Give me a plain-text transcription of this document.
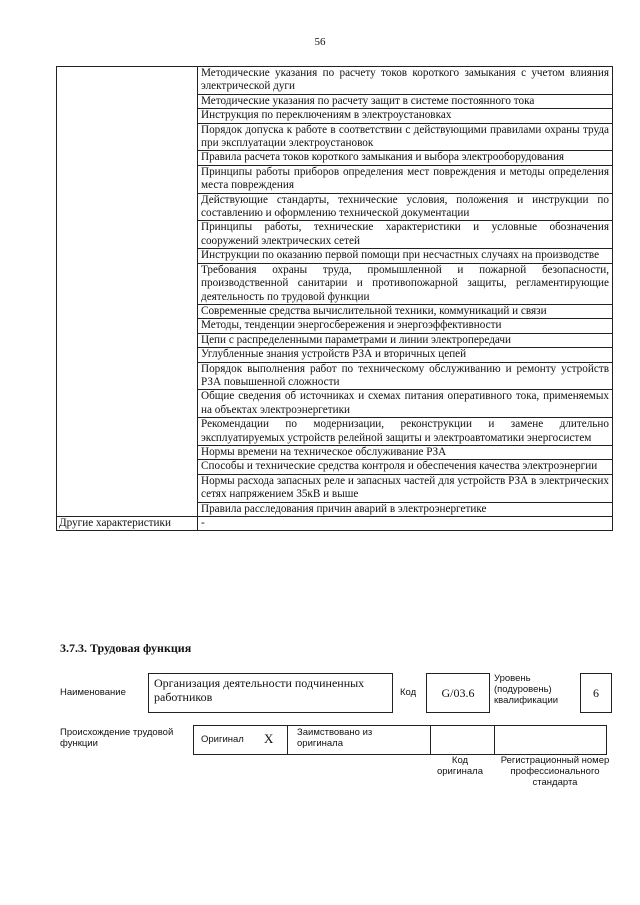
56
	Методические указания по расчету токов короткого замыкания с учетом влияния электрической дуги
	Методические указания по расчету защит в системе постоянного тока
	Инструкция по переключениям в электроустановках
	Порядок допуска к работе в соответствии с действующими правилами охраны труда при эксплуатации электроустановок
	Правила расчета токов короткого замыкания и выбора электрооборудования
	Принципы работы приборов определения мест повреждения и методы определения места повреждения
	Действующие стандарты, технические условия, положения и инструкции по составлению и оформлению технической документации
	Принципы работы, технические характеристики и условные обозначения сооружений электрических сетей
	Инструкции по оказанию первой помощи при несчастных случаях на производстве
	Требования охраны труда, промышленной и пожарной безопасности, производственной санитарии и противопожарной защиты, регламентирующие деятельность по трудовой функции
	Современные средства вычислительной техники, коммуникаций и связи
	Методы, тенденции энергосбережения и энергоэффективности
	Цепи с распределенными параметрами и линии электропередачи
	Углубленные знания устройств РЗА и вторичных цепей
	Порядок выполнения работ по техническому обслуживанию и ремонту устройств РЗА повышенной сложности
	Общие сведения об источниках и схемах питания оперативного тока, применяемых на объектах электроэнергетики
	Рекомендации по модернизации, реконструкции и замене длительно эксплуатируемых устройств релейной защиты и электроавтоматики энергосистем
	Нормы времени на техническое обслуживание РЗА
	Способы и технические средства контроля и обеспечения качества электроэнергии
	Нормы расхода запасных реле и запасных частей для устройств РЗА в электрических сетях напряжением 35кВ и выше
	Правила расследования причин аварий в электроэнергетике
Другие характеристики	-
3.7.3. Трудовая функция
Наименование
Организация деятельности подчиненных работников	Код	G/03.6
Уровень (подуровень) квалификации
6
Происхождение трудовой функции	Оригинал X Заимствовано из оригинала
Код оригинала
Регистрационный номер профессионального стандарта
